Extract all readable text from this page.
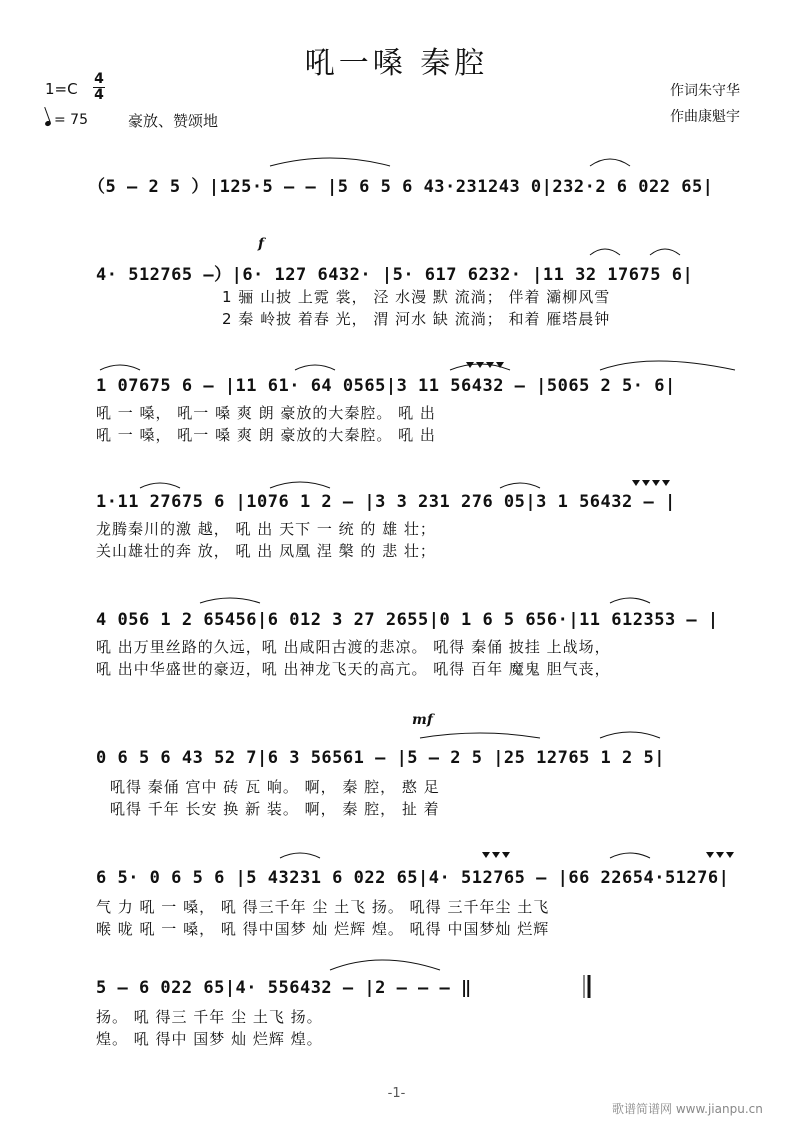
吼一嗓 秦腔
1=C
4
4
= 75	豪放、赞颂地
作词朱守华
作曲康魁宇
f
mf
（5 – 2 5 ）|125·5 – – |5 6 5 6 43·231243 0|232·2 6 022 65|
4· 512765 –）|6· 127 6432· |5· 617 6232· |11 32 17675 6|
1 骊 山披 上霓 裳， 泾 水漫 默 流淌； 伴着 灞柳风雪
2 秦 岭披 着春 光， 渭 河水 缺 流淌； 和着 雁塔晨钟
1 07675 6 – |11 61· 64 0565|3 11 56432 – |5065 2 5· 6|
吼 一 嗓， 吼一 嗓 爽 朗 豪放的大秦腔。 吼 出
吼 一 嗓， 吼一 嗓 爽 朗 豪放的大秦腔。 吼 出
1·11 27675 6 |1076 1 2 – |3 3 231 276 05|3 1 56432 – |
龙腾秦川的激 越， 吼 出 天下 一 统 的 雄 壮；
关山雄壮的奔 放， 吼 出 凤凰 涅 槃 的 悲 壮；
4 056 1 2 65456|6 012 3 27 2655|0 1 6 5 656·|11 612353 – |
吼 出万里丝路的久远，吼 出咸阳古渡的悲凉。 吼得 秦俑 披挂 上战场，
吼 出中华盛世的豪迈，吼 出神龙飞天的高亢。 吼得 百年 魔鬼 胆气丧，
0 6 5 6 43 52 7|6 3 56561 – |5 – 2 5 |25 12765 1 2 5|
吼得 秦俑 宫中 砖 瓦 响。 啊， 秦 腔， 憨 足
吼得 千年 长安 换 新 装。 啊， 秦 腔， 扯 着
6 5· 0 6 5 6 |5 43231 6 022 65|4· 512765 – |66 22654·51276|
气 力 吼 一 嗓， 吼 得三千年 尘 土飞 扬。 吼得 三千年尘 土飞
喉 咙 吼 一 嗓， 吼 得中国梦 灿 烂辉 煌。 吼得 中国梦灿 烂辉
5 – 6 022 65|4· 556432 – |2 – – – ‖
扬。 吼 得三 千年 尘 土飞 扬。
煌。 吼 得中 国梦 灿 烂辉 煌。
-1-
歌谱简谱网 www.jianpu.cn
